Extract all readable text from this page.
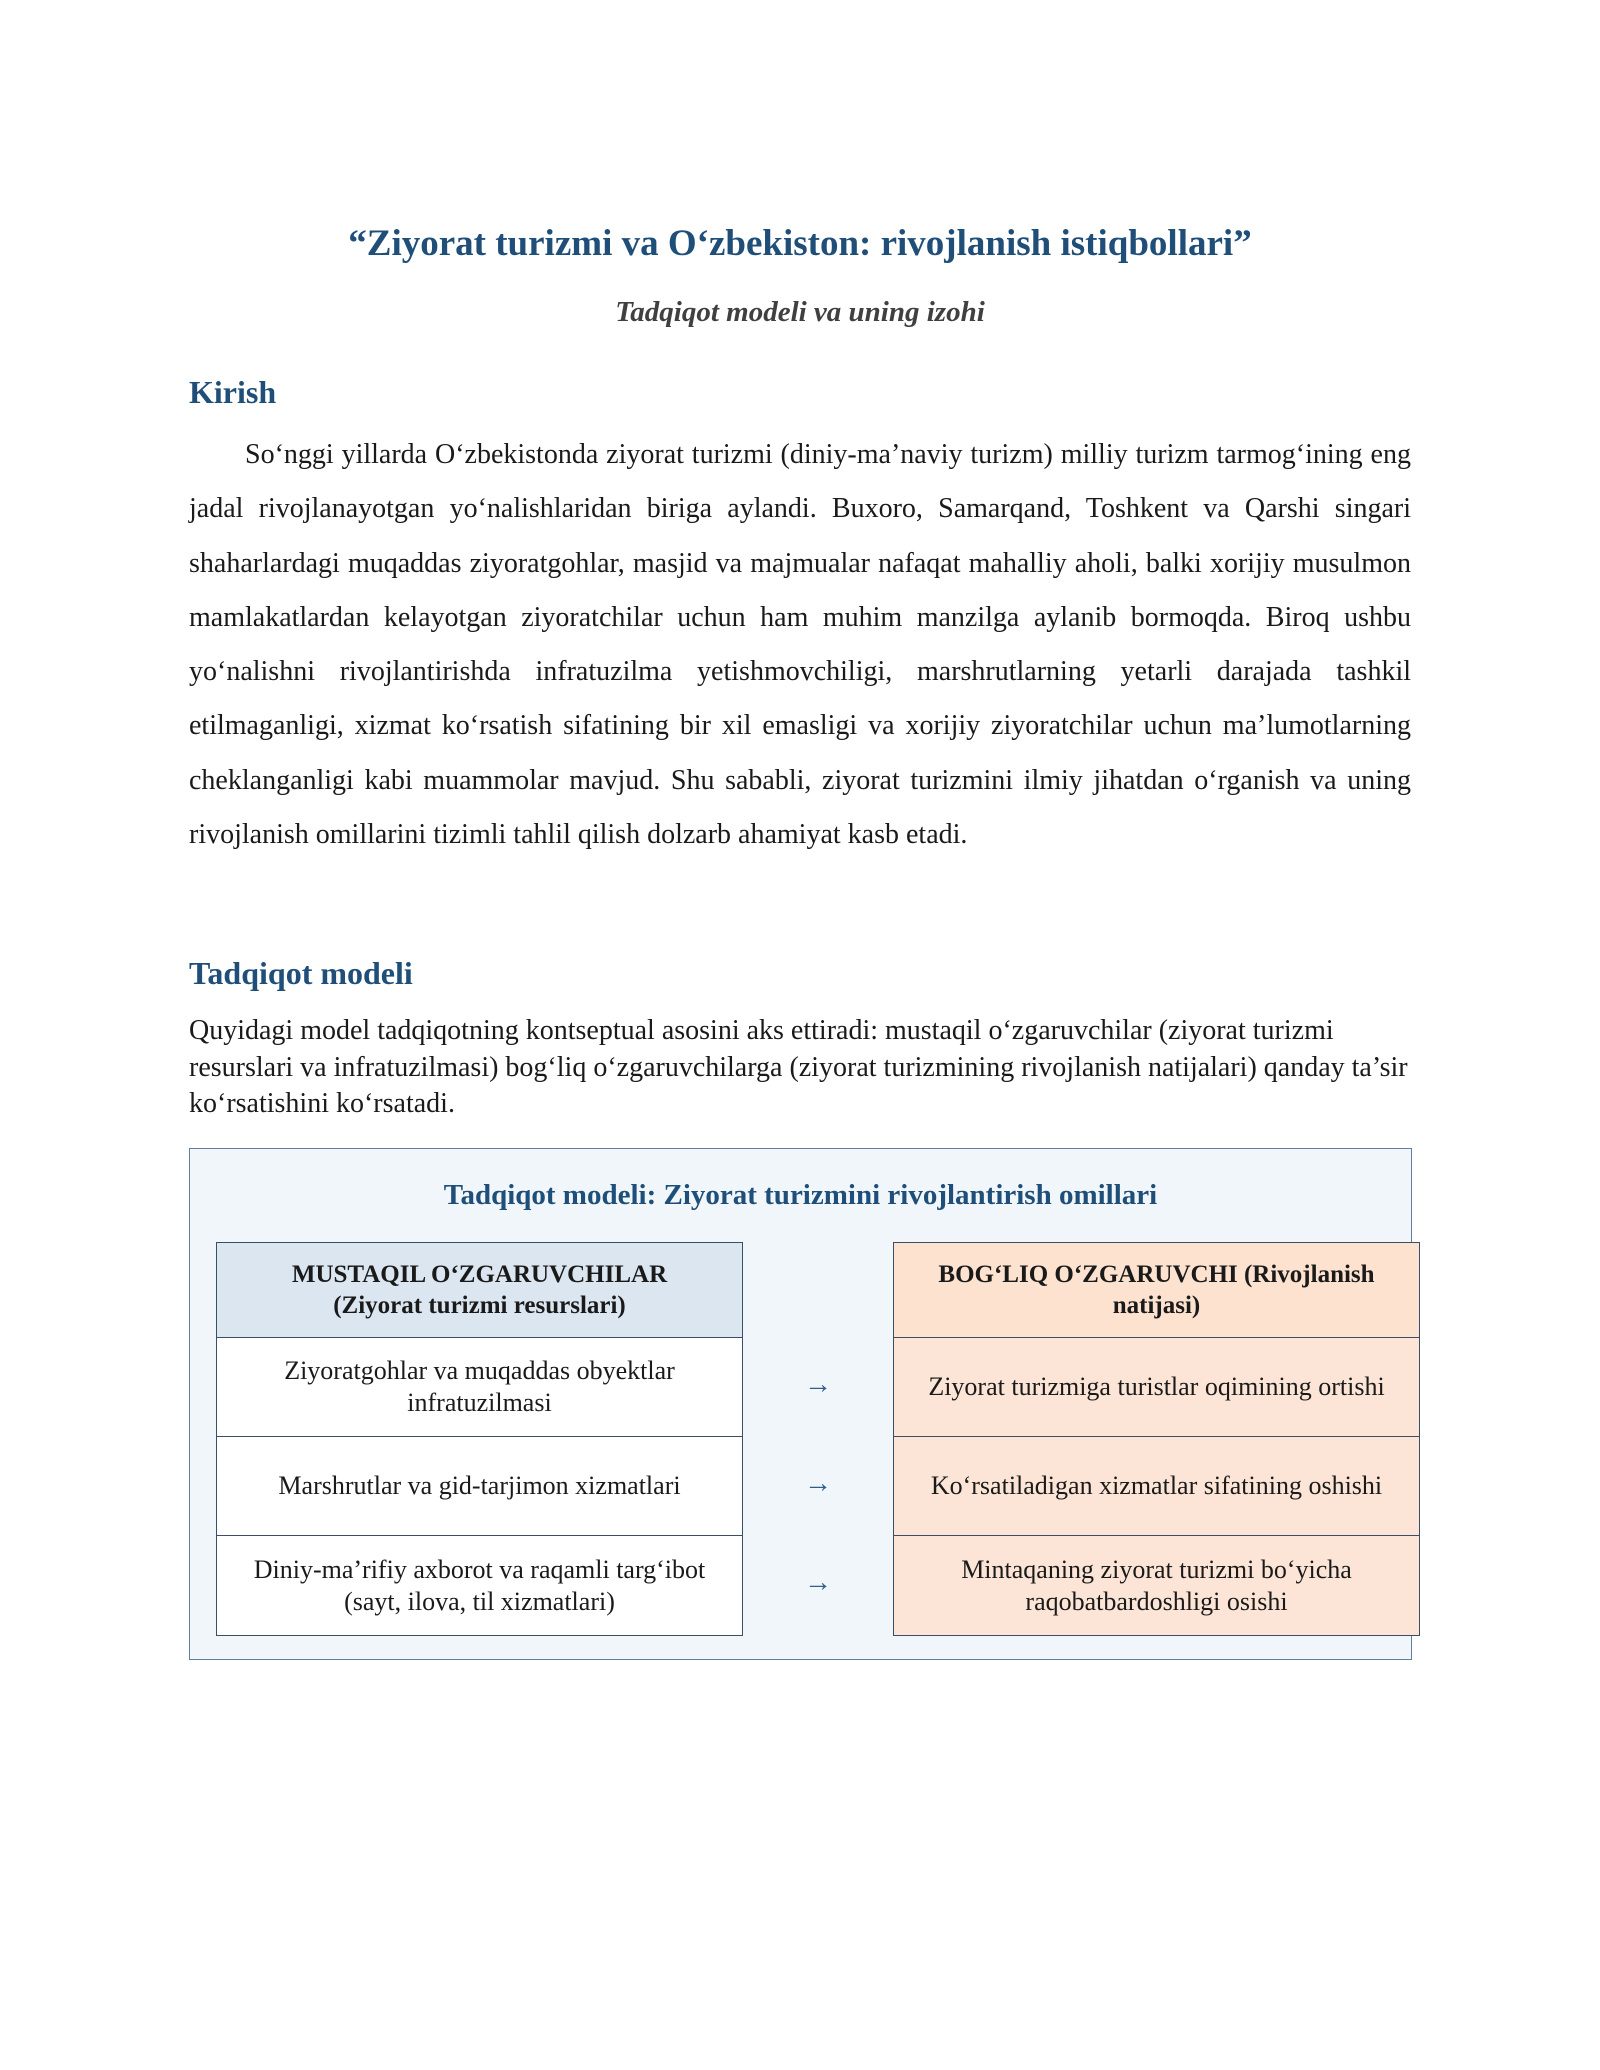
“Ziyorat turizmi va O‘zbekiston: rivojlanish istiqbollari”
Tadqiqot modeli va uning izohi
Kirish
So‘nggi yillarda O‘zbekistonda ziyorat turizmi (diniy-ma’naviy turizm) milliy turizm tarmog‘ining eng jadal rivojlanayotgan yo‘nalishlaridan biriga aylandi. Buxoro, Samarqand, Toshkent va Qarshi singari shaharlardagi muqaddas ziyoratgohlar, masjid va majmualar nafaqat mahalliy aholi, balki xorijiy musulmon mamlakatlardan kelayotgan ziyoratchilar uchun ham muhim manzilga aylanib bormoqda. Biroq ushbu yo‘nalishni rivojlantirishda infratuzilma yetishmovchiligi, marshrutlarning yetarli darajada tashkil etilmaganligi, xizmat ko‘rsatish sifatining bir xil emasligi va xorijiy ziyoratchilar uchun ma’lumotlarning cheklanganligi kabi muammolar mavjud. Shu sababli, ziyorat turizmini ilmiy jihatdan o‘rganish va uning rivojlanish omillarini tizimli tahlil qilish dolzarb ahamiyat kasb etadi.
Tadqiqot modeli
Quyidagi model tadqiqotning kontseptual asosini aks ettiradi: mustaqil o‘zgaruvchilar (ziyorat turizmi resurslari va infratuzilmasi) bog‘liq o‘zgaruvchilarga (ziyorat turizmining rivojlanish natijalari) qanday ta’sir ko‘rsatishini ko‘rsatadi.
Tadqiqot modeli: Ziyorat turizmini rivojlantirish omillari
MUSTAQIL O‘ZGARUVCHILAR
(Ziyorat turizmi resurslari)
Ziyoratgohlar va muqaddas obyektlar infratuzilmasi
Marshrutlar va gid-tarjimon xizmatlari
Diniy-ma’rifiy axborot va raqamli targ‘ibot (sayt, ilova, til xizmatlari)
→
→
→
BOG‘LIQ O‘ZGARUVCHI (Rivojlanish natijasi)
Ziyorat turizmiga turistlar oqimining ortishi
Ko‘rsatiladigan xizmatlar sifatining oshishi
Mintaqaning ziyorat turizmi bo‘yicha raqobatbardoshligi osishi
